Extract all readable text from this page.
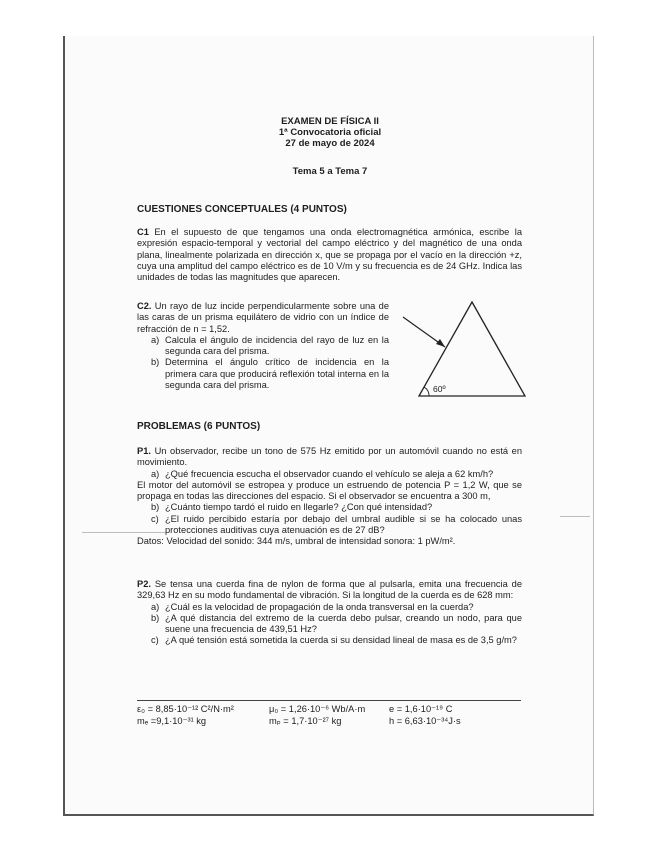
EXAMEN DE FÍSICA II

1ª Convocatoria oficial

27 de mayo de 2024

Tema 5 a Tema 7
CUESTIONES CONCEPTUALES (4 PUNTOS)
C1 En el supuesto de que tengamos una onda electromagnética armónica, escribe la expresión espacio-temporal y vectorial del campo eléctrico y del magnético de una onda plana, linealmente polarizada en dirección x, que se propaga por el vacío en la dirección +z, cuya una amplitud del campo eléctrico es de 10 V/m y su frecuencia es de 24 GHz. Indica las unidades de todas las magnitudes que aparecen.

C2. Un rayo de luz incide perpendicularmente sobre una de las caras de un prisma equilátero de vidrio con un índice de refracción de n = 1,52.

a) Calcula el ángulo de incidencia del rayo de luz en la segunda cara del prisma.
b) Determina el ángulo crítico de incidencia en la primera cara que producirá reflexión total interna en la segunda cara del prisma.	60º
PROBLEMAS (6 PUNTOS)

P1. Un observador, recibe un tono de 575 Hz emitido por un automóvil cuando no está en movimiento.

a) ¿Qué frecuencia escucha el observador cuando el vehículo se aleja a 62 km/h?

El motor del automóvil se estropea y produce un estruendo de potencia P = 1,2 W, que se propaga en todas las direcciones del espacio. Si el observador se encuentra a 300 m,

b) ¿Cuánto tiempo tardó el ruido en llegarle? ¿Con qué intensidad?
c) ¿El ruido percibido estaría por debajo del umbral audible si se ha colocado unas protecciones auditivas cuya atenuación es de 27 dB?

Datos: Velocidad del sonido: 344 m/s, umbral de intensidad sonora: 1 pW/m².

P2. Se tensa una cuerda fina de nylon de forma que al pulsarla, emita una frecuencia de 329,63 Hz en su modo fundamental de vibración. Si la longitud de la cuerda es de 628 mm:

a) ¿Cuál es la velocidad de propagación de la onda transversal en la cuerda?
b) ¿A qué distancia del extremo de la cuerda debo pulsar, creando un nodo, para que suene una frecuencia de 439,51 Hz?
c) ¿A qué tensión está sometida la cuerda si su densidad lineal de masa es de 3,5 g/m?
ε₀ = 8,85·10⁻¹² C²/N·m²	μ₀ = 1,26·10⁻⁶ Wb/A·m	e = 1,6·10⁻¹⁹ C
mₑ =9,1·10⁻³¹ kg	mₚ = 1,7·10⁻²⁷ kg	h = 6,63·10⁻³⁴J·s
